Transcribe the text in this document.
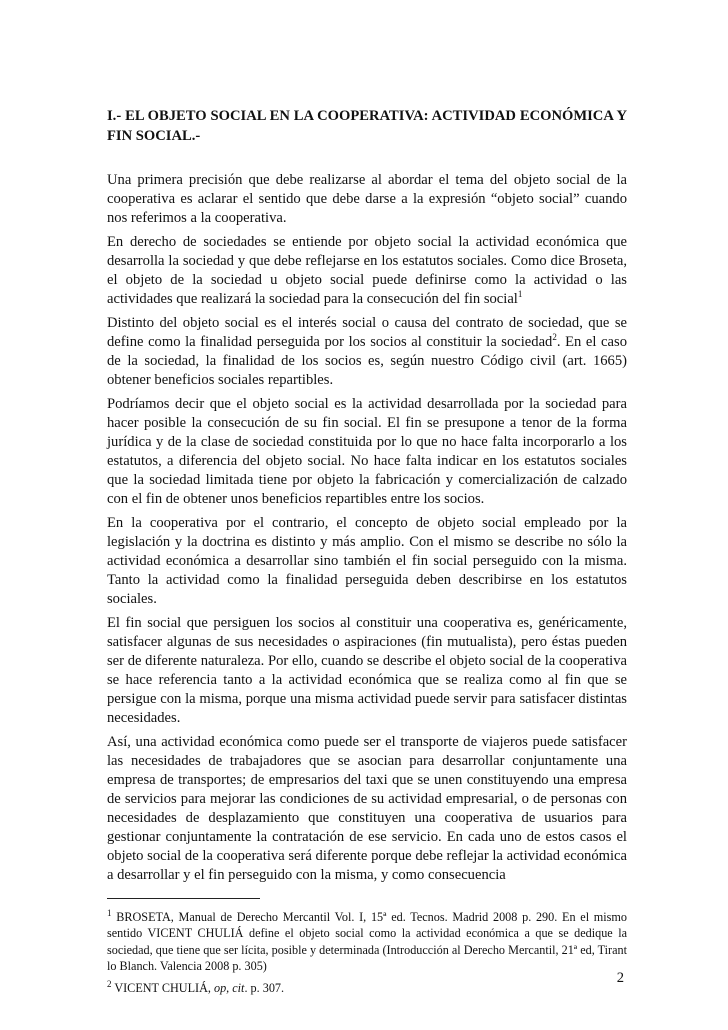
I.- EL OBJETO SOCIAL EN LA COOPERATIVA: ACTIVIDAD ECONÓMICA Y FIN SOCIAL.-

Una primera precisión que debe realizarse al abordar el tema del objeto social de la cooperativa es aclarar el sentido que debe darse a la expresión “objeto social” cuando nos referimos a la cooperativa.

En derecho de sociedades se entiende por objeto social la actividad económica que desarrolla la sociedad y que debe reflejarse en los estatutos sociales. Como dice Broseta, el objeto de la sociedad u objeto social puede definirse como la actividad o las actividades que realizará la sociedad para la consecución del fin social$^1$

Distinto del objeto social es el interés social o causa del contrato de sociedad, que se define como la finalidad perseguida por los socios al constituir la sociedad$^2$. En el caso de la sociedad, la finalidad de los socios es, según nuestro Código civil (art. 1665) obtener beneficios sociales repartibles.

Podríamos decir que el objeto social es la actividad desarrollada por la sociedad para hacer posible la consecución de su fin social. El fin se presupone a tenor de la forma jurídica y de la clase de sociedad constituida por lo que no hace falta incorporarlo a los estatutos, a diferencia del objeto social. No hace falta indicar en los estatutos sociales que la sociedad limitada tiene por objeto la fabricación y comercialización de calzado con el fin de obtener unos beneficios repartibles entre los socios.

En la cooperativa por el contrario, el concepto de objeto social empleado por la legislación y la doctrina es distinto y más amplio. Con el mismo se describe no sólo la actividad económica a desarrollar sino también el fin social perseguido con la misma. Tanto la actividad como la finalidad perseguida deben describirse en los estatutos sociales.

El fin social que persiguen los socios al constituir una cooperativa es, genéricamente, satisfacer algunas de sus necesidades o aspiraciones (fin mutualista), pero éstas pueden ser de diferente naturaleza. Por ello, cuando se describe el objeto social de la cooperativa se hace referencia tanto a la actividad económica que se realiza como al fin que se persigue con la misma, porque una misma actividad puede servir para satisfacer distintas necesidades.

Así, una actividad económica como puede ser el transporte de viajeros puede satisfacer las necesidades de trabajadores que se asocian para desarrollar conjuntamente una empresa de transportes; de empresarios del taxi que se unen constituyendo una empresa de servicios para mejorar las condiciones de su actividad empresarial, o de personas con necesidades de desplazamiento que constituyen una cooperativa de usuarios para gestionar conjuntamente la contratación de ese servicio. En cada uno de estos casos el objeto social de la cooperativa será diferente porque debe reflejar la actividad económica a desarrollar y el fin perseguido con la misma, y como consecuencia

$^1$ BROSETA, Manual de Derecho Mercantil Vol. I, 15ª ed. Tecnos. Madrid 2008 p. 290. En el mismo sentido VICENT CHULIÁ define el objeto social como la actividad económica a que se dedique la sociedad, que tiene que ser lícita, posible y determinada (Introducción al Derecho Mercantil, 21ª ed, Tirant lo Blanch. Valencia 2008 p. 305)

$^2$ VICENT CHULIÁ, op, cit. p. 307.

2
